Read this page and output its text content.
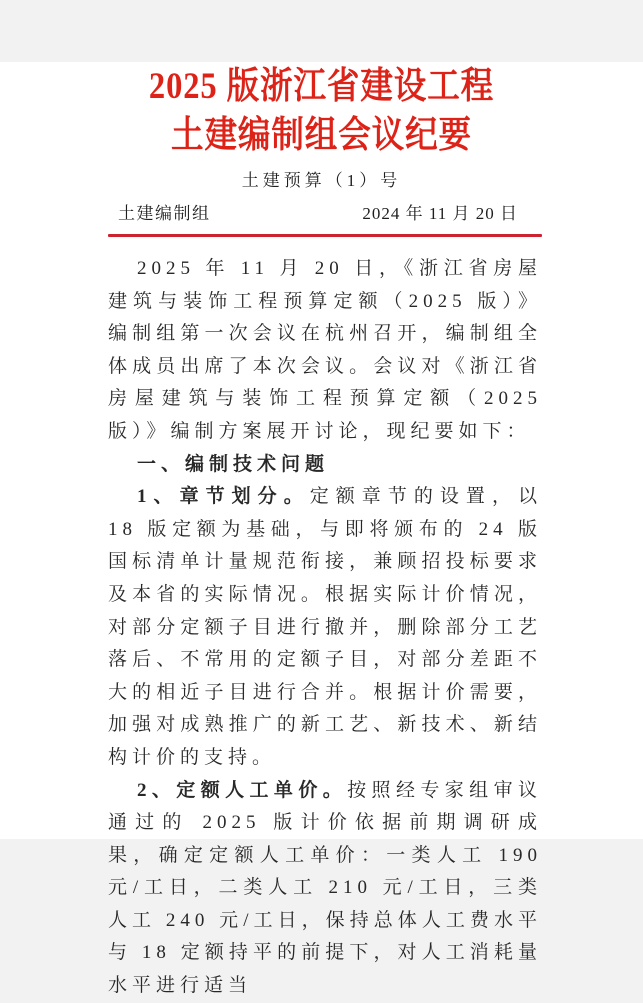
2025 版浙江省建设工程
土建编制组会议纪要
土建预算（1）号
土建编制组	2024 年 11 月 20 日

2025 年 11 月 20 日，《浙江省房屋建筑与装饰工程预算定额（2025 版）》编制组第一次会议在杭州召开，编制组全体成员出席了本次会议。会议对《浙江省房屋建筑与装饰工程预算定额（2025 版）》编制方案展开讨论，现纪要如下：

一、编制技术问题

1、章节划分。定额章节的设置，以 18 版定额为基础，与即将颁布的 24 版国标清单计量规范衔接，兼顾招投标要求及本省的实际情况。根据实际计价情况，对部分定额子目进行撤并，删除部分工艺落后、不常用的定额子目，对部分差距不大的相近子目进行合并。根据计价需要，加强对成熟推广的新工艺、新技术、新结构计价的支持。

2、定额人工单价。按照经专家组审议通过的 2025 版计价依据前期调研成果，确定定额人工单价：一类人工 190 元/工日，二类人工 210 元/工日，三类人工 240 元/工日，保持总体人工费水平与 18 定额持平的前提下，对人工消耗量水平进行适当
